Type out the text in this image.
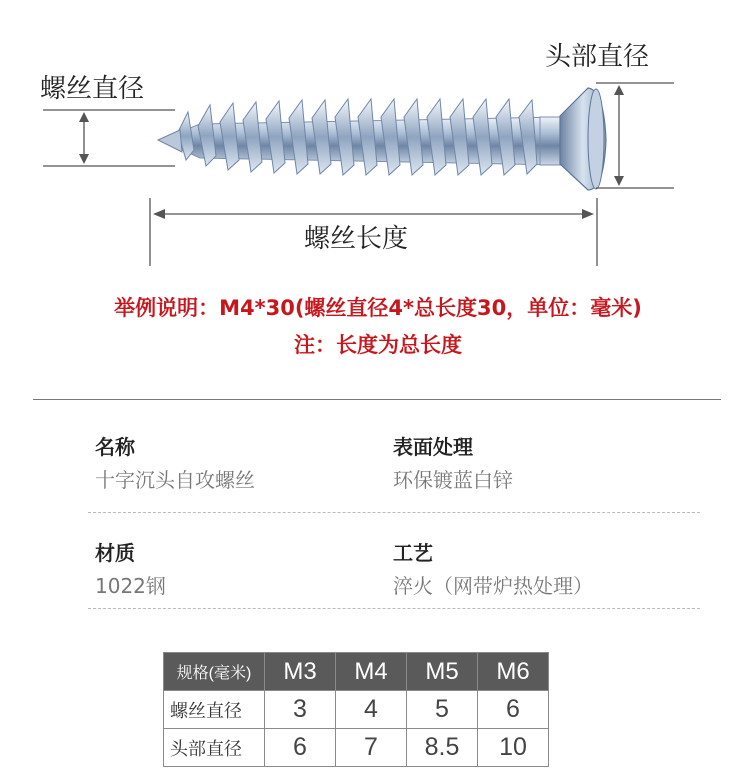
螺丝直径
头部直径
螺丝长度
举例说明：M4*30(螺丝直径4*总长度30，单位：毫米)
注：长度为总长度
名称
十字沉头自攻螺丝
表面处理
环保镀蓝白锌
材质
1022钢
工艺
淬火（网带炉热处理）
规格(毫米)	M3	M4	M5	M6
螺丝直径	3	4	5	6
头部直径	6	7	8.5	10
